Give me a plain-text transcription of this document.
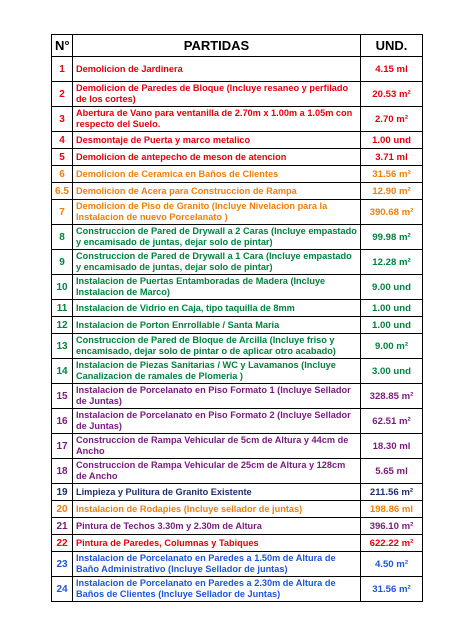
N°	PARTIDAS	UND.
1	Demolicion de Jardinera	4.15 ml
2	Demolicion de Paredes de Bloque (Incluye resaneo y perfilado de los cortes)	20.53 m²
3	Abertura de Vano para ventanilla de 2.70m x 1.00m a 1.05m con respecto del Suelo.	2.70 m²
4	Desmontaje de Puerta y marco metalico	1.00 und
5	Demolicion de antepecho de meson de atencion	3.71 ml
6	Demolicion de Ceramica en Baños de Clientes	31.56 m²
6.5	Demolicion de Acera para Construccion de Rampa	12.90 m²
7	Demolicion de Piso de Granito (Incluye Nivelacion para la Instalacion de nuevo Porcelanato )	390.68 m²
8	Construccion de Pared de Drywall a 2 Caras (Incluye empastado y encamisado de juntas, dejar solo de pintar)	99.98 m²
9	Construccion de Pared de Drywall a 1 Cara (Incluye empastado y encamisado de juntas, dejar solo de pintar)	12.28 m²
10	Instalacion de Puertas Entamboradas de Madera (Incluye Instalacion de Marco)	9.00 und
11	Instalacion de Vidrio en Caja, tipo taquilla de 8mm	1.00 und
12	Instalacion de Porton Enrrollable / Santa Maria	1.00 und
13	Construccion de Pared de Bloque de Arcilla (Incluye friso y encamisado, dejar solo de pintar o de aplicar otro acabado)	9.00 m²
14	Instalacion de Piezas Sanitarias / WC y Lavamanos (Incluye Canalizacion de ramales de Plomeria )	3.00 und
15	Instalacion de Porcelanato en Piso Formato 1 (Incluye Sellador de Juntas)	328.85 m²
16	Instalacion de Porcelanato en Piso Formato 2 (Incluye Sellador de Juntas)	62.51 m²
17	Construccion de Rampa Vehicular de 5cm de Altura y 44cm de Ancho	18.30 ml
18	Construccion de Rampa Vehicular de 25cm de Altura y 128cm de Ancho	5.65 ml
19	Limpieza y Pulitura de Granito Existente	211.56 m²
20	Instalacion de Rodapies (Incluye sellador de juntas)	198.86 ml
21	Pintura de Techos 3.30m y 2.30m de Altura	396.10 m²
22	Pintura de Paredes, Columnas y Tabiques	622.22 m²
23	Instalacion de Porcelanato en Paredes a 1.50m de Altura de Baño Administrativo (Incluye Sellador de juntas)	4.50 m²
24	Instalacion de Porcelanato en Paredes a 2.30m de Altura de Baños de Clientes (Incluye Sellador de Juntas)	31.56 m²
